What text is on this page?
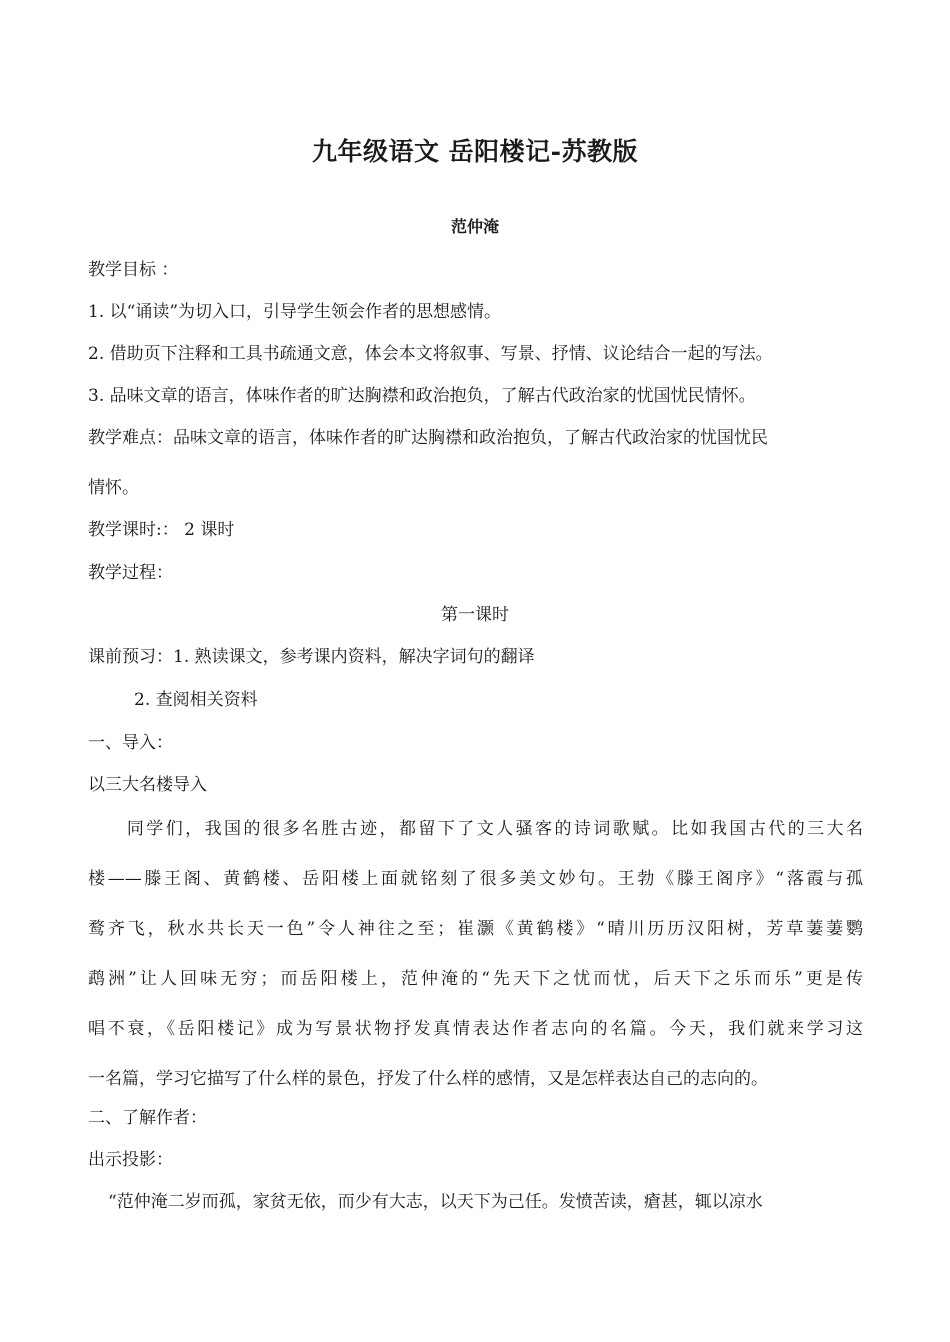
九年级语文 岳阳楼记-苏教版
范仲淹
教学目标 ：
1. 以“诵读”为切入口，引导学生领会作者的思想感情。
2. 借助页下注释和工具书疏通文意，体会本文将叙事、写景、抒情、议论结合一起的写法。
3. 品味文章的语言，体味作者的旷达胸襟和政治抱负，了解古代政治家的忧国忧民情怀。
教学难点：品味文章的语言，体味作者的旷达胸襟和政治抱负，了解古代政治家的忧国忧民
情怀。
教学课时:： 2 课时
教学过程：
第一课时
课前预习：1. 熟读课文，参考课内资料，解决字词句的翻译
2. 查阅相关资料
一、导入：
以三大名楼导入
　　同学们，我国的很多名胜古迹，都留下了文人骚客的诗词歌赋。比如我国古代的三大名
楼——滕王阁、黄鹤楼、岳阳楼上面就铭刻了很多美文妙句。王勃《滕王阁序》“落霞与孤
鹜齐飞，秋水共长天一色”令人神往之至；崔灏《黄鹤楼》“晴川历历汉阳树，芳草萋萋鹦
鹉洲”让人回味无穷；而岳阳楼上，范仲淹的“先天下之忧而忧，后天下之乐而乐”更是传
唱不衰，《岳阳楼记》成为写景状物抒发真情表达作者志向的名篇。今天，我们就来学习这
一名篇，学习它描写了什么样的景色，抒发了什么样的感情，又是怎样表达自己的志向的。
二、了解作者：
出示投影：
“范仲淹二岁而孤，家贫无依，而少有大志，以天下为己任。发愤苦读，瘡甚，辄以凉水
